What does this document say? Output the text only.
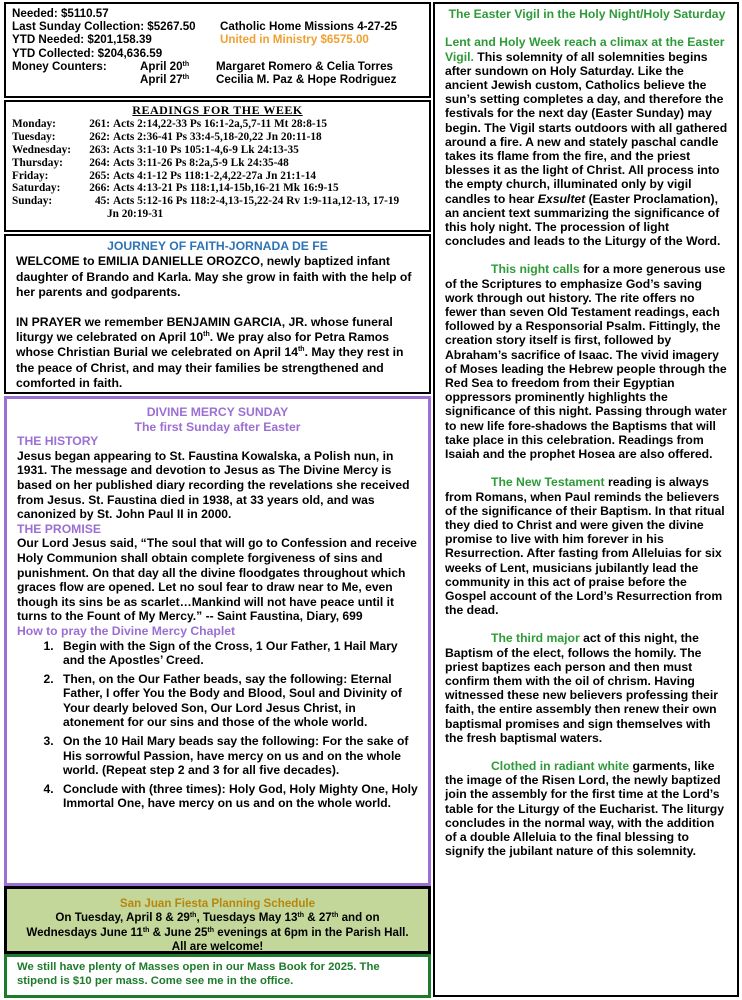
Needed: $5110.57
Last Sunday Collection: $5267.50	Catholic Home Missions 4-27-25
YTD Needed: $201,158.39	United in Ministry $6575.00
YTD Collected: $204,636.59
Money Counters:	April 20th	Margaret Romero & Celia Torres
April 27th	Cecilia M. Paz & Hope Rodriguez
READINGS FOR THE WEEK
Monday:	261: Acts 2:14,22-33 Ps 16:1-2a,5,7-11 Mt 28:8-15
Tuesday:	262: Acts 2:36-41 Ps 33:4-5,18-20,22 Jn 20:11-18
Wednesday:	263: Acts 3:1-10 Ps 105:1-4,6-9 Lk 24:13-35
Thursday:	264: Acts 3:11-26 Ps 8:2a,5-9 Lk 24:35-48
Friday:	265: Acts 4:1-12 Ps 118:1-2,4,22-27a Jn 21:1-14
Saturday:	266: Acts 4:13-21 Ps 118:1,14-15b,16-21 Mk 16:9-15
Sunday:	45: Acts 5:12-16 Ps 118:2-4,13-15,22-24 Rv 1:9-11a,12-13, 17-19
Jn 20:19-31
JOURNEY OF FAITH-JORNADA DE FE

WELCOME to EMILIA DANIELLE OROZCO, newly baptized infant daughter of Brando and Karla. May she grow in faith with the help of her parents and godparents.

IN PRAYER we remember BENJAMIN GARCIA, JR. whose funeral liturgy we celebrated on April 10th. We pray also for Petra Ramos whose Christian Burial we celebrated on April 14th. May they rest in the peace of Christ, and may their families be strengthened and comforted in faith.

DIVINE MERCY SUNDAY
The first Sunday after Easter
THE HISTORY

Jesus began appearing to St. Faustina Kowalska, a Polish nun, in 1931. The message and devotion to Jesus as The Divine Mercy is based on her published diary recording the revelations she received from Jesus. St. Faustina died in 1938, at 33 years old, and was canonized by St. John Paul II in 2000.

THE PROMISE

Our Lord Jesus said, “The soul that will go to Confession and receive Holy Communion shall obtain complete forgiveness of sins and punishment. On that day all the divine floodgates throughout which graces flow are opened. Let no soul fear to draw near to Me, even though its sins be as scarlet…Mankind will not have peace until it turns to the Fount of My Mercy.” -- Saint Faustina, Diary, 699

How to pray the Divine Mercy Chaplet
1. Begin with the Sign of the Cross, 1 Our Father, 1 Hail Mary and the Apostles’ Creed.
2. Then, on the Our Father beads, say the following: Eternal Father, I offer You the Body and Blood, Soul and Divinity of Your dearly beloved Son, Our Lord Jesus Christ, in atonement for our sins and those of the whole world.
3. On the 10 Hail Mary beads say the following: For the sake of His sorrowful Passion, have mercy on us and on the whole world. (Repeat step 2 and 3 for all five decades).
4. Conclude with (three times): Holy God, Holy Mighty One, Holy Immortal One, have mercy on us and on the whole world.
San Juan Fiesta Planning Schedule
On Tuesday, April 8 & 29th, Tuesdays May 13th & 27th and on
Wednesdays June 11th & June 25th evenings at 6pm in the Parish Hall.
All are welcome!

We still have plenty of Masses open in our Mass Book for 2025. The stipend is $10 per mass. Come see me in the office.

The Easter Vigil in the Holy Night/Holy Saturday

Lent and Holy Week reach a climax at the Easter Vigil. This solemnity of all solemnities begins after sundown on Holy Saturday. Like the ancient Jewish custom, Catholics believe the sun’s setting completes a day, and therefore the festivals for the next day (Easter Sunday) may begin. The Vigil starts outdoors with all gathered around a fire. A new and stately paschal candle takes its flame from the fire, and the priest blesses it as the light of Christ. All process into the empty church, illuminated only by vigil candles to hear Exsultet (Easter Proclamation), an ancient text summarizing the significance of this holy night. The procession of light concludes and leads to the Liturgy of the Word.

This night calls for a more generous use of the Scriptures to emphasize God’s saving work through out history. The rite offers no fewer than seven Old Testament readings, each followed by a Responsorial Psalm. Fittingly, the creation story itself is first, followed by Abraham’s sacrifice of Isaac. The vivid imagery of Moses leading the Hebrew people through the Red Sea to freedom from their Egyptian oppressors prominently highlights the significance of this night. Passing through water to new life fore-shadows the Baptisms that will take place in this celebration. Readings from Isaiah and the prophet Hosea are also offered.

The New Testament reading is always from Romans, when Paul reminds the believers of the significance of their Baptism. In that ritual they died to Christ and were given the divine promise to live with him forever in his Resurrection. After fasting from Alleluias for six weeks of Lent, musicians jubilantly lead the community in this act of praise before the Gospel account of the Lord’s Resurrection from the dead.

The third major act of this night, the Baptism of the elect, follows the homily. The priest baptizes each person and then must confirm them with the oil of chrism. Having witnessed these new believers professing their faith, the entire assembly then renew their own baptismal promises and sign themselves with the fresh baptismal waters.

Clothed in radiant white garments, like the image of the Risen Lord, the newly baptized join the assembly for the first time at the Lord’s table for the Liturgy of the Eucharist. The liturgy concludes in the normal way, with the addition of a double Alleluia to the final blessing to signify the jubilant nature of this solemnity.
